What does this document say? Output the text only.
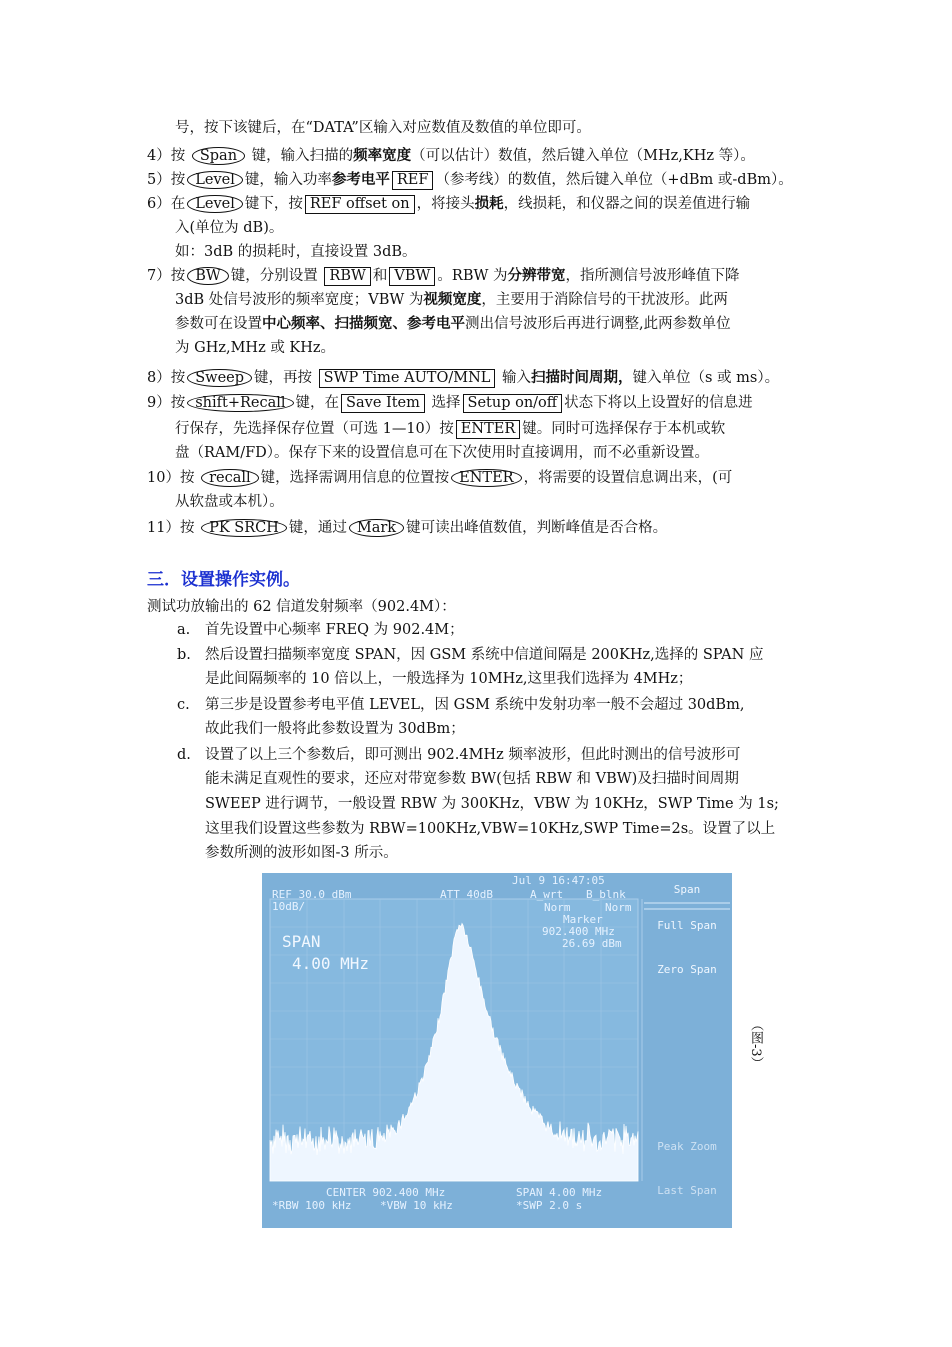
号，按下该键后，在“DATA”区输入对应数值及数值的单位即可。
4）按 Span 键，输入扫描的频率宽度（可以估计）数值，然后键入单位（MHz,KHz 等）。
5）按 Level 键，输入功率参考电平 REF （参考线）的数值，然后键入单位（+dBm 或-dBm）。
6）在 Level 键下，按 REF offset on ，将接头损耗，线损耗，和仪器之间的误差值进行输
入(单位为 dB)。
如：3dB 的损耗时，直接设置 3dB。
7）按 BW 键，分别设置 RBW 和 VBW 。RBW 为分辨带宽，指所测信号波形峰值下降
3dB 处信号波形的频率宽度；VBW 为视频宽度，主要用于消除信号的干扰波形。此两
参数可在设置中心频率、扫描频宽、参考电平测出信号波形后再进行调整,此两参数单位
为 GHz,MHz 或 KHz。
8）按 Sweep 键，再按 SWP Time AUTO/MNL 输入扫描时间周期，键入单位（s 或 ms）。
9）按 shift+Recall 键，在 Save Item 选择 Setup on/off 状态下将以上设置好的信息进
行保存，先选择保存位置（可选 1—10）按 ENTER 键。同时可选择保存于本机或软
盘（RAM/FD）。保存下来的设置信息可在下次使用时直接调用，而不必重新设置。
10）按 recall 键，选择需调用信息的位置按 ENTER ，将需要的设置信息调出来，(可
从软盘或本机）。
11）按 PK SRCH 键，通过 Mark 键可读出峰值数值，判断峰值是否合格。
三．设置操作实例。
测试功放输出的 62 信道发射频率（902.4M）：
a. 首先设置中心频率 FREQ 为 902.4M；
b. 然后设置扫描频率宽度 SPAN，因 GSM 系统中信道间隔是 200KHz,选择的 SPAN 应
是此间隔频率的 10 倍以上，一般选择为 10MHz,这里我们选择为 4MHz；
c. 第三步是设置参考电平值 LEVEL，因 GSM 系统中发射功率一般不会超过 30dBm,
故此我们一般将此参数设置为 30dBm；
d. 设置了以上三个参数后，即可测出 902.4MHz 频率波形，但此时测出的信号波形可
能未满足直观性的要求，还应对带宽参数 BW(包括 RBW 和 VBW)及扫描时间周期
SWEEP 进行调节，一般设置 RBW 为 300KHz，VBW 为 10KHz，SWP Time 为 1s;
这里我们设置这些参数为 RBW=100KHz,VBW=10KHz,SWP Time=2s。设置了以上
参数所测的波形如图-3 所示。
Jul 9 16:47:05
REF 30.0 dBm
10dB/
ATT 40dB	A_wrt B_blnk
Norm	Norm
Marker
902.400 MHz
26.69 dBm
SPAN
4.00 MHz
CENTER 902.400 MHz	SPAN 4.00 MHz
*RBW 100 kHz	*VBW 10 kHz	*SWP 2.0 s
Span
Full Span
Zero Span
Peak Zoom
Last Span
（图-3）
